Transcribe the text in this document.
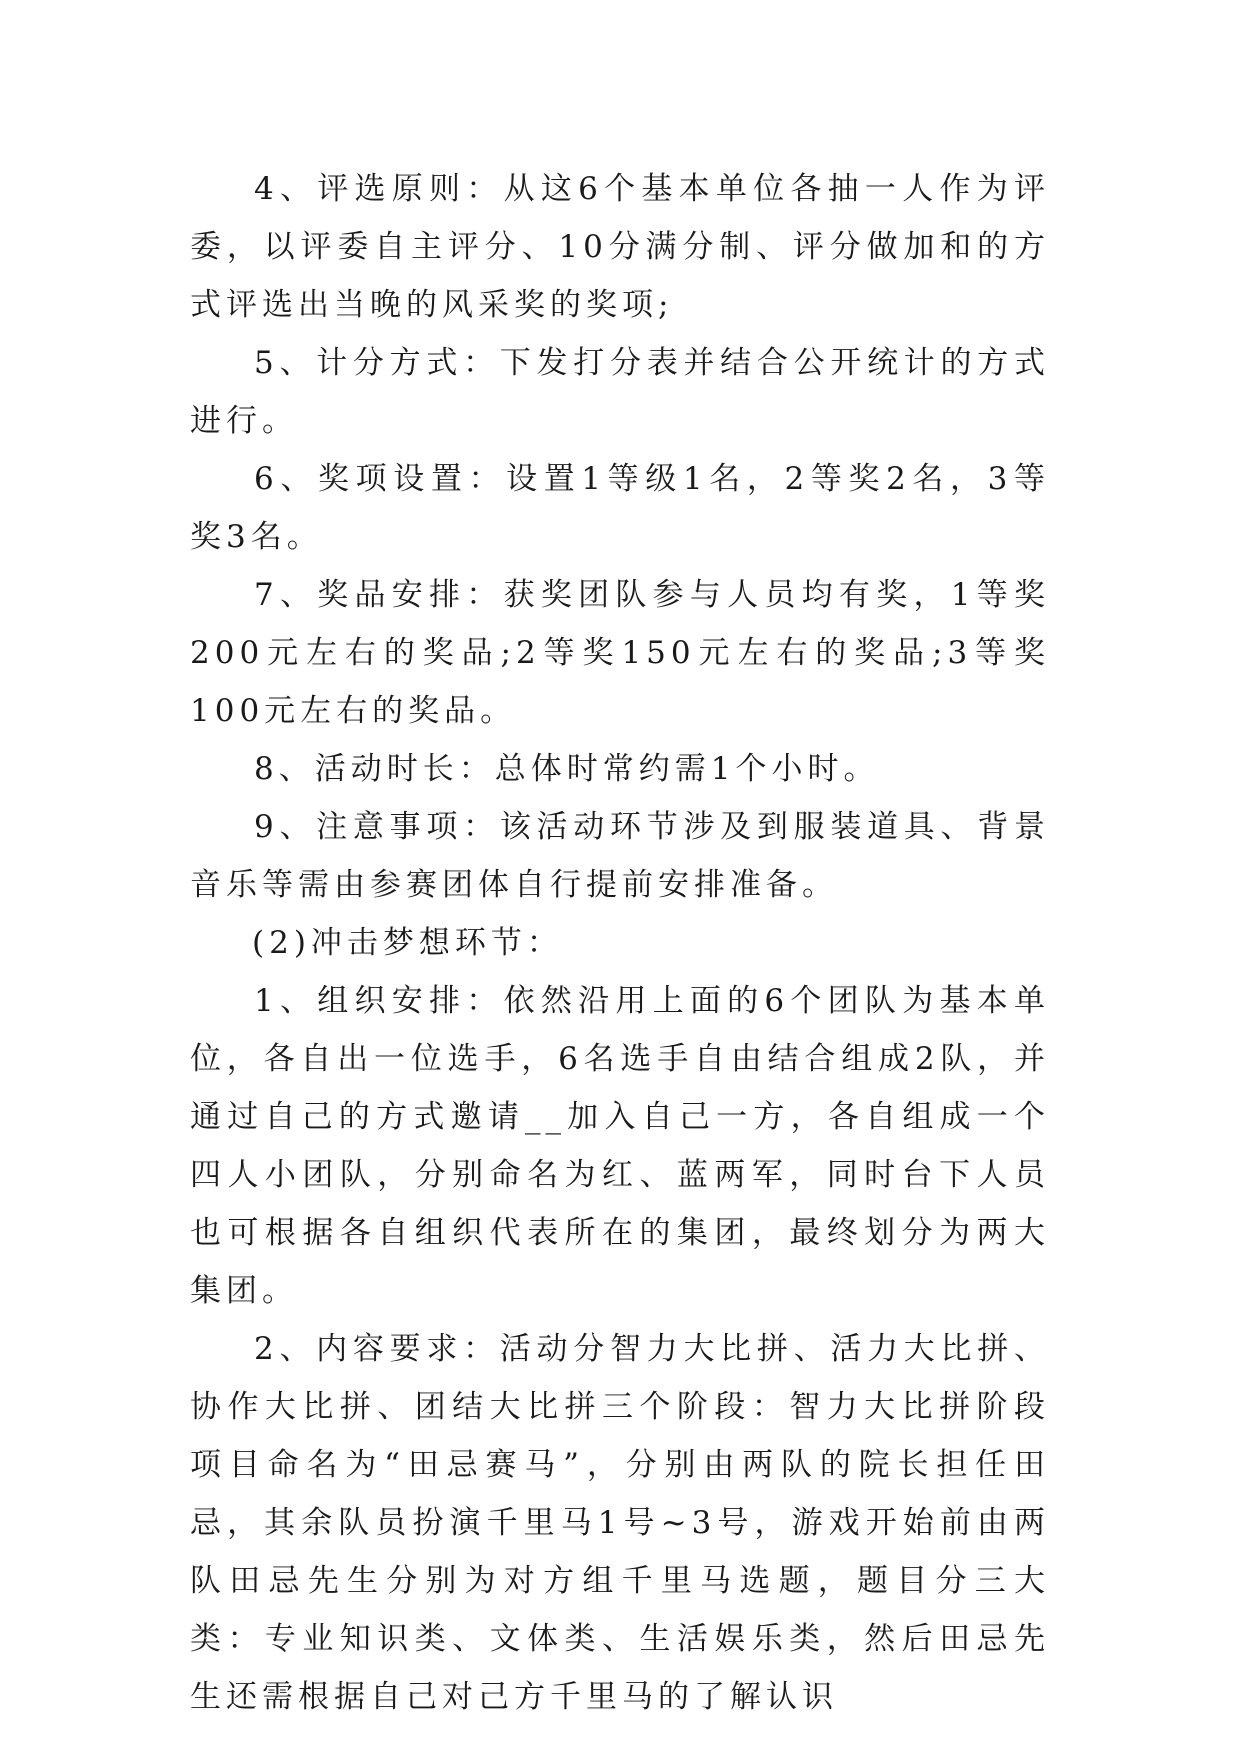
4、评选原则：从这6个基本单位各抽一人作为评委，以评委自主评分、10分满分制、评分做加和的方式评选出当晚的风采奖的奖项;

5、计分方式：下发打分表并结合公开统计的方式进行。

6、奖项设置：设置1等级1名，2等奖2名，3等奖3名。

7、奖品安排：获奖团队参与人员均有奖，1等奖200元左右的奖品;2等奖150元左右的奖品;3等奖100元左右的奖品。

8、活动时长：总体时常约需1个小时。

9、注意事项：该活动环节涉及到服装道具、背景音乐等需由参赛团体自行提前安排准备。

(2)冲击梦想环节：

1、组织安排：依然沿用上面的6个团队为基本单位，各自出一位选手，6名选手自由结合组成2队，并通过自己的方式邀请__加入自己一方，各自组成一个四人小团队，分别命名为红、蓝两军，同时台下人员也可根据各自组织代表所在的集团，最终划分为两大集团。

2、内容要求：活动分智力大比拼、活力大比拼、协作大比拼、团结大比拼三个阶段：智力大比拼阶段项目命名为“田忌赛马”，分别由两队的院长担任田忌，其余队员扮演千里马1号~3号，游戏开始前由两队田忌先生分别为对方组千里马选题，题目分三大类：专业知识类、文体类、生活娱乐类，然后田忌先生还需根据自己对己方千里马的了解认识
